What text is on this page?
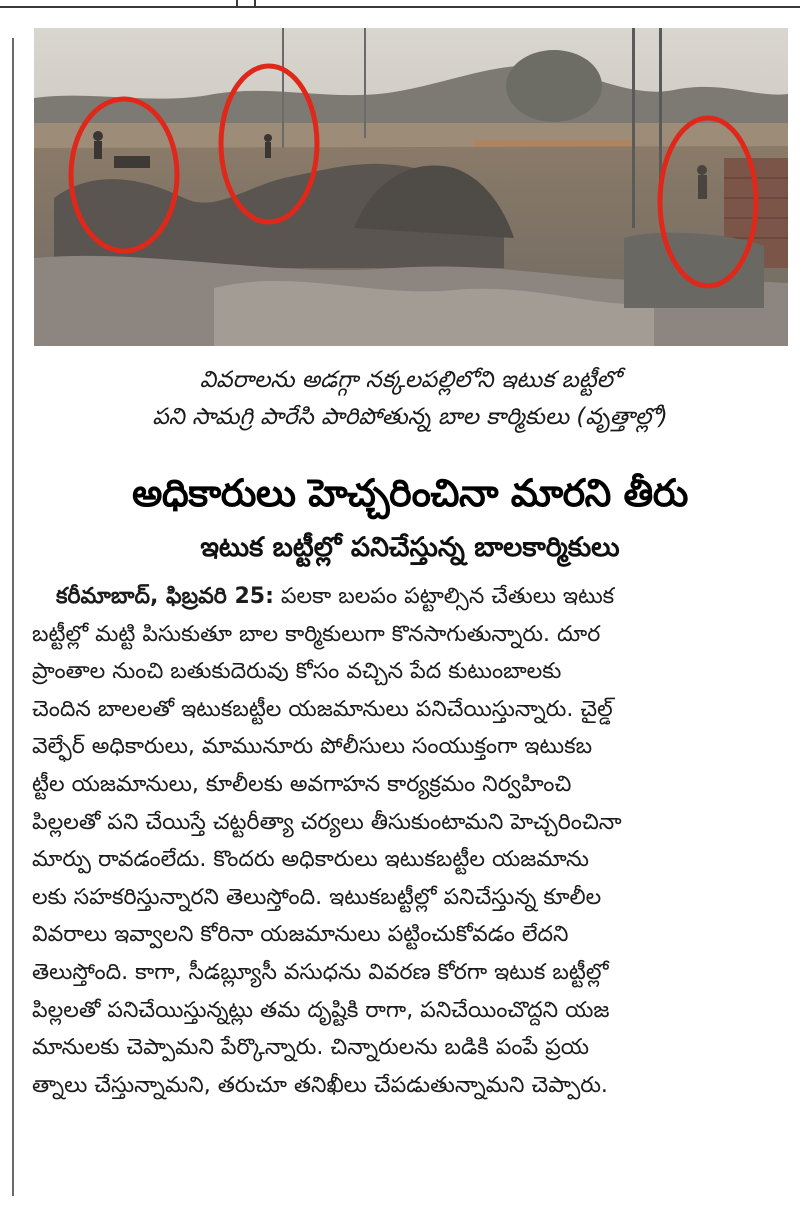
వివరాలను అడగ్గా నక్కలపల్లిలోని ఇటుక బట్టీలో
పని సామగ్రి పారేసి పారిపోతున్న బాల కార్మికులు (వృత్తాల్లో)
అధికారులు హెచ్చరించినా మారని తీరు
ఇటుక బట్టీల్లో పనిచేస్తున్న బాలకార్మికులు
కరీమాబాద్, ఫిబ్రవరి 25: పలకా బలపం పట్టాల్సిన చేతులు ఇటుక
బట్టీల్లో మట్టి పిసుకుతూ బాల కార్మికులుగా కొనసాగుతున్నారు. దూర
ప్రాంతాల నుంచి బతుకుదెరువు కోసం వచ్చిన పేద కుటుంబాలకు
చెందిన బాలలతో ఇటుకబట్టీల యజమానులు పనిచేయిస్తున్నారు. చైల్డ్
వెల్ఫేర్ అధికారులు, మామునూరు పోలీసులు సంయుక్తంగా ఇటుకబ
ట్టీల యజమానులు, కూలీలకు అవగాహన కార్యక్రమం నిర్వహించి
పిల్లలతో పని చేయిస్తే చట్టరీత్యా చర్యలు తీసుకుంటామని హెచ్చరించినా
మార్పు రావడంలేదు. కొందరు అధికారులు ఇటుకబట్టీల యజమాను
లకు సహకరిస్తున్నారని తెలుస్తోంది. ఇటుకబట్టీల్లో పనిచేస్తున్న కూలీల
వివరాలు ఇవ్వాలని కోరినా యజమానులు పట్టించుకోవడం లేదని
తెలుస్తోంది. కాగా, సీడబ్ల్యూసీ వసుధను వివరణ కోరగా ఇటుక బట్టీల్లో
పిల్లలతో పనిచేయిస్తున్నట్లు తమ దృష్టికి రాగా, పనిచేయించొద్దని యజ
మానులకు చెప్పామని పేర్కొన్నారు. చిన్నారులను బడికి పంపే ప్రయ
త్నాలు చేస్తున్నామని, తరుచూ తనిఖీలు చేపడుతున్నామని చెప్పారు.
